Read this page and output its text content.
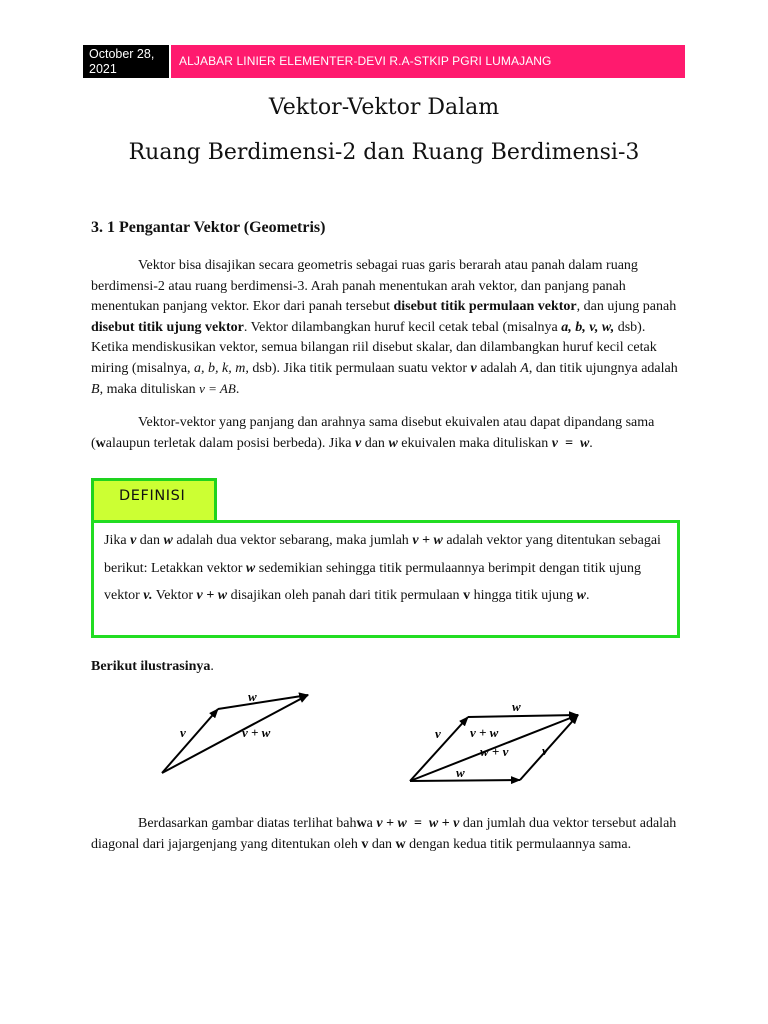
October 28, 2021
ALJABAR LINIER ELEMENTER-DEVI R.A-STKIP PGRI LUMAJANG
Vektor-Vektor Dalam
Ruang Berdimensi-2 dan Ruang Berdimensi-3
3. 1 Pengantar Vektor (Geometris)
Vektor bisa disajikan secara geometris sebagai ruas garis berarah atau panah dalam ruang berdimensi-2 atau ruang berdimensi-3. Arah panah menentukan arah vektor, dan panjang panah menentukan panjang vektor. Ekor dari panah tersebut disebut titik permulaan vektor, dan ujung panah disebut titik ujung vektor. Vektor dilambangkan huruf kecil cetak tebal (misalnya a, b, v, w, dsb). Ketika mendiskusikan vektor, semua bilangan riil disebut skalar, dan dilambangkan huruf kecil cetak miring (misalnya, a, b, k, m, dsb). Jika titik permulaan suatu vektor v adalah A, dan titik ujungnya adalah B, maka dituliskan v = AB.
Vektor-vektor yang panjang dan arahnya sama disebut ekuivalen atau dapat dipandang sama (walaupun terletak dalam posisi berbeda). Jika v dan w ekuivalen maka dituliskan v  =  w.
DEFINISI
Jika v dan w adalah dua vektor sebarang, maka jumlah v + w adalah vektor yang ditentukan sebagai berikut: Letakkan vektor w sedemikian sehingga titik permulaannya berimpit dengan titik ujung vektor v. Vektor v + w disajikan oleh panah dari titik permulaan v hingga titik ujung w.
Berikut ilustrasinya.
w
v	v + w
w
v v + w
w + v	v
w
Berdasarkan gambar diatas terlihat bahwa v + w  =  w + v dan jumlah dua vektor tersebut adalah diagonal dari jajargenjang yang ditentukan oleh v dan w dengan kedua titik permulaannya sama.
